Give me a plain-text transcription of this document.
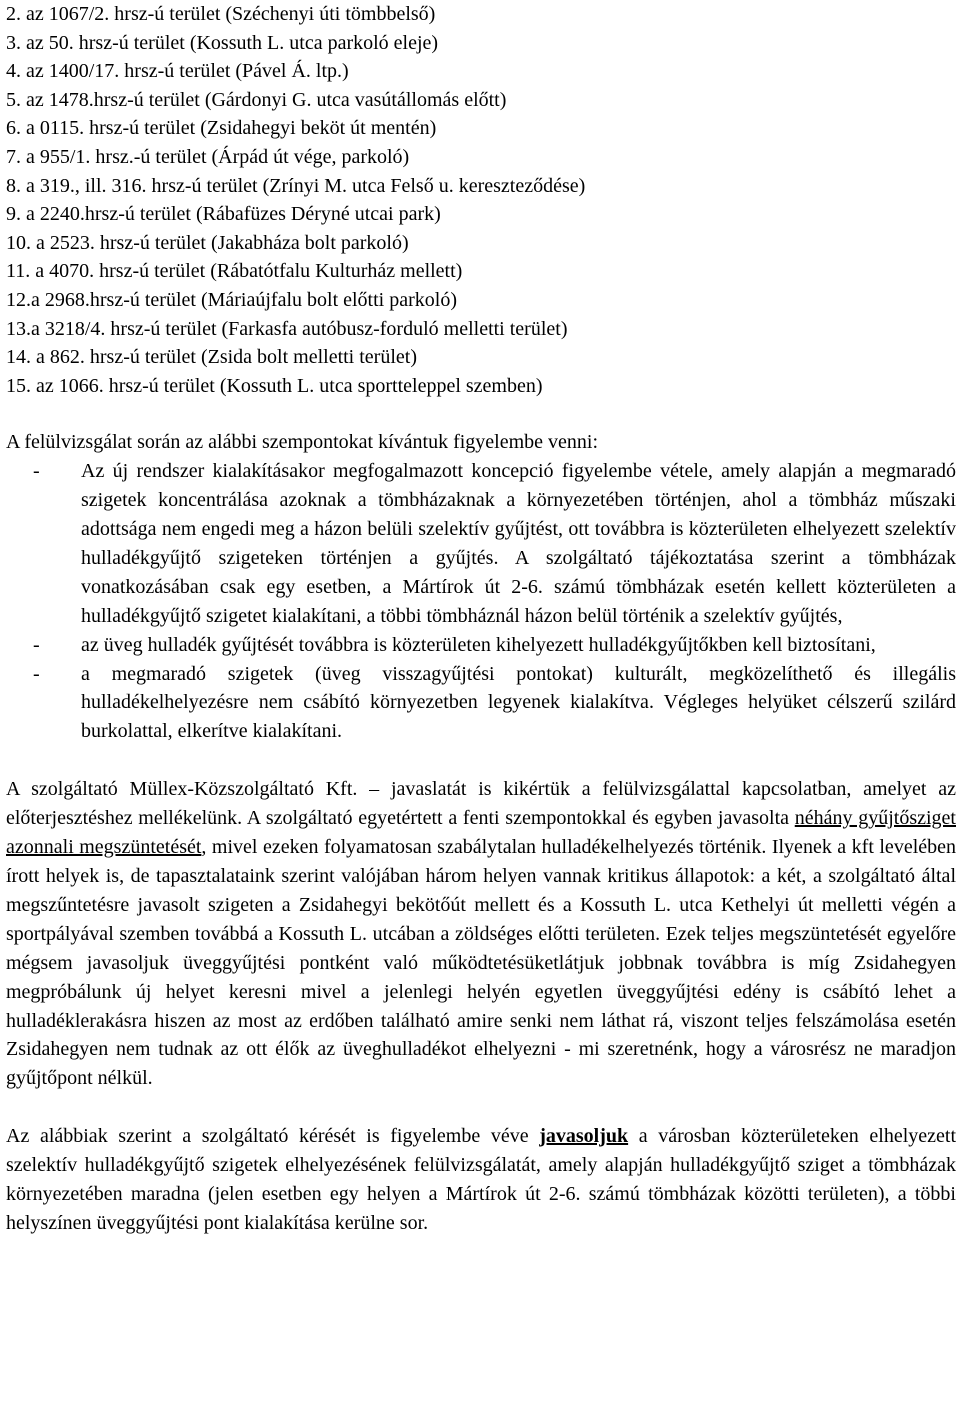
2. az 1067/2. hrsz-ú terület (Széchenyi úti tömbbelső)
3. az 50. hrsz-ú terület (Kossuth L. utca parkoló eleje)
4. az 1400/17. hrsz-ú terület (Pável Á. ltp.)
5. az 1478.hrsz-ú terület (Gárdonyi G. utca vasútállomás előtt)
6. a 0115. hrsz-ú terület (Zsidahegyi beköt út mentén)
7. a 955/1. hrsz.-ú terület (Árpád út vége, parkoló)
8. a 319., ill. 316. hrsz-ú terület (Zrínyi M. utca Felső u. kereszteződése)
9. a 2240.hrsz-ú terület (Rábafüzes Déryné utcai park)
10. a 2523. hrsz-ú terület (Jakabháza bolt parkoló)
11. a 4070. hrsz-ú terület (Rábatótfalu Kulturház mellett)
12.a 2968.hrsz-ú terület (Máriaújfalu bolt előtti parkoló)
13.a 3218/4. hrsz-ú terület (Farkasfa autóbusz-forduló melletti terület)
14. a 862. hrsz-ú terület (Zsida bolt melletti terület)
15. az 1066. hrsz-ú terület (Kossuth L. utca sportteleppel szemben)

A felülvizsgálat során az alábbi szempontokat kívántuk figyelembe venni:

- Az új rendszer kialakításakor megfogalmazott koncepció figyelembe vétele, amely alapján a megmaradó szigetek koncentrálása azoknak a tömbházaknak a környezetében történjen, ahol a tömbház műszaki adottsága nem engedi meg a házon belüli szelektív gyűjtést, ott továbbra is közterületen elhelyezett szelektív hulladékgyűjtő szigeteken történjen a gyűjtés. A szolgáltató tájékoztatása szerint a tömbházak vonatkozásában csak egy esetben, a Mártírok út 2-6. számú tömbházak esetén kellett közterületen a hulladékgyűjtő szigetet kialakítani, a többi tömbháznál házon belül történik a szelektív gyűjtés,
- az üveg hulladék gyűjtését továbbra is közterületen kihelyezett hulladékgyűjtőkben kell biztosítani,
- a megmaradó szigetek (üveg visszagyűjtési pontokat) kulturált, megközelíthető és illegális hulladékelhelyezésre nem csábító környezetben legyenek kialakítva. Végleges helyüket célszerű szilárd burkolattal, elkerítve kialakítani.

A szolgáltató Müllex-Közszolgáltató Kft. – javaslatát is kikértük a felülvizsgálattal kapcsolatban, amelyet az előterjesztéshez mellékelünk. A szolgáltató egyetértett a fenti szempontokkal és egyben javasolta néhány gyűjtősziget azonnali megszüntetését, mivel ezeken folyamatosan szabálytalan hulladékelhelyezés történik. Ilyenek a kft levelében írott helyek is, de tapasztalataink szerint valójában három helyen vannak kritikus állapotok: a két, a szolgáltató által megszűntetésre javasolt szigeten a Zsidahegyi bekötőút mellett és a Kossuth L. utca Kethelyi út melletti végén a sportpályával szemben továbbá a Kossuth L. utcában a zöldséges előtti területen. Ezek teljes megszüntetését egyelőre mégsem javasoljuk üveggyűjtési pontként való működtetésüketlátjuk jobbnak továbbra is míg Zsidahegyen megpróbálunk új helyet keresni mivel a jelenlegi helyén egyetlen üveggyűjtési edény is csábító lehet a hulladéklerakásra hiszen az most az erdőben található amire senki nem láthat rá, viszont teljes felszámolása esetén Zsidahegyen nem tudnak az ott élők az üveghulladékot elhelyezni - mi szeretnénk, hogy a városrész ne maradjon gyűjtőpont nélkül.

Az alábbiak szerint a szolgáltató kérését is figyelembe véve javasoljuk a városban közterületeken elhelyezett szelektív hulladékgyűjtő szigetek elhelyezésének felülvizsgálatát, amely alapján hulladékgyűjtő sziget a tömbházak környezetében maradna (jelen esetben egy helyen a Mártírok út 2-6. számú tömbházak közötti területen), a többi helyszínen üveggyűjtési pont kialakítása kerülne sor.
